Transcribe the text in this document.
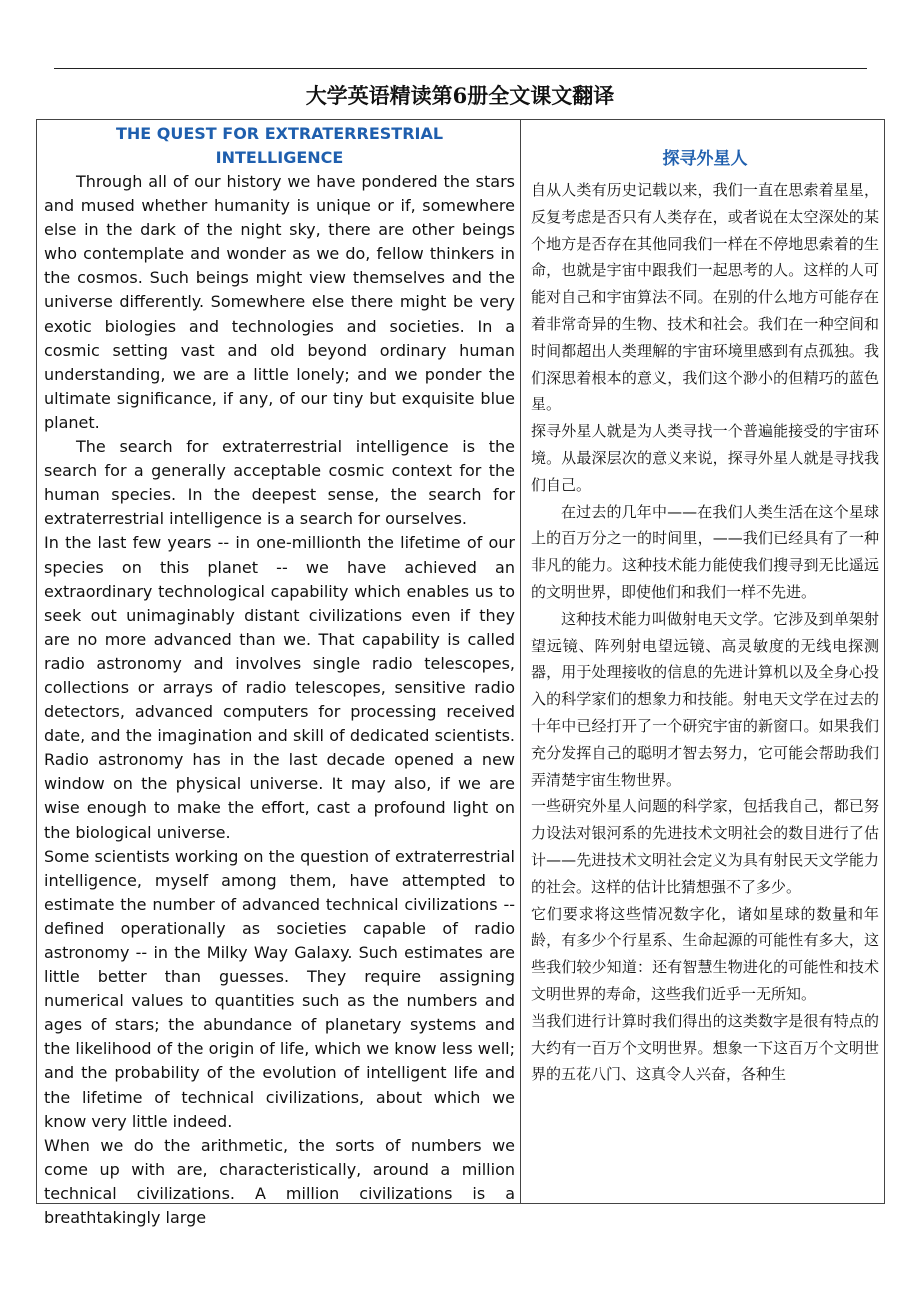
大学英语精读第6册全文课文翻译
THE QUEST FOR EXTRATERRESTRIAL INTELLIGENCE

Through all of our history we have pondered the stars and mused whether humanity is unique or if, somewhere else in the dark of the night sky, there are other beings who contemplate and wonder as we do, fellow thinkers in the cosmos. Such beings might view themselves and the universe differently. Somewhere else there might be very exotic biologies and technologies and societies. In a cosmic setting vast and old beyond ordinary human understanding, we are a little lonely; and we ponder the ultimate significance, if any, of our tiny but exquisite blue planet.

The search for extraterrestrial intelligence is the search for a generally acceptable cosmic context for the human species. In the deepest sense, the search for extraterrestrial intelligence is a search for ourselves.

In the last few years -- in one-millionth the lifetime of our species on this planet -- we have achieved an extraordinary technological capability which enables us to seek out unimaginably distant civilizations even if they are no more advanced than we. That capability is called radio astronomy and involves single radio telescopes, collections or arrays of radio telescopes, sensitive radio detectors, advanced computers for processing received date, and the imagination and skill of dedicated scientists. Radio astronomy has in the last decade opened a new window on the physical universe. It may also, if we are wise enough to make the effort, cast a profound light on the biological universe.

Some scientists working on the question of extraterrestrial intelligence, myself among them, have attempted to estimate the number of advanced technical civilizations -- defined operationally as societies capable of radio astronomy -- in the Milky Way Galaxy. Such estimates are little better than guesses. They require assigning numerical values to quantities such as the numbers and ages of stars; the abundance of planetary systems and the likelihood of the origin of life, which we know less well; and the probability of the evolution of intelligent life and the lifetime of technical civilizations, about which we know very little indeed.

When we do the arithmetic, the sorts of numbers we come up with are, characteristically, around a million technical civilizations. A million civilizations is a breathtakingly large

探寻外星人

自从人类有历史记载以来，我们一直在思索着星星，反复考虑是否只有人类存在，或者说在太空深处的某个地方是否存在其他同我们一样在不停地思索着的生命，也就是宇宙中跟我们一起思考的人。这样的人可能对自己和宇宙算法不同。在别的什么地方可能存在着非常奇异的生物、技术和社会。我们在一种空间和时间都超出人类理解的宇宙环境里感到有点孤独。我们深思着根本的意义，我们这个渺小的但精巧的蓝色星。

探寻外星人就是为人类寻找一个普遍能接受的宇宙环境。从最深层次的意义来说，探寻外星人就是寻找我们自己。

在过去的几年中——在我们人类生活在这个星球上的百万分之一的时间里，——我们已经具有了一种非凡的能力。这种技术能力能使我们搜寻到无比遥远的文明世界，即使他们和我们一样不先进。

这种技术能力叫做射电天文学。它涉及到单架射望远镜、阵列射电望远镜、高灵敏度的无线电探测器，用于处理接收的信息的先进计算机以及全身心投入的科学家们的想象力和技能。射电天文学在过去的十年中已经打开了一个研究宇宙的新窗口。如果我们充分发挥自己的聪明才智去努力，它可能会帮助我们弄清楚宇宙生物世界。

一些研究外星人问题的科学家，包括我自己，都已努力设法对银河系的先进技术文明社会的数目进行了估计——先进技术文明社会定义为具有射民天文学能力的社会。这样的估计比猜想强不了多少。

它们要求将这些情况数字化，诸如星球的数量和年龄，有多少个行星系、生命起源的可能性有多大，这些我们较少知道：还有智慧生物进化的可能性和技术文明世界的寿命，这些我们近乎一无所知。

当我们进行计算时我们得出的这类数字是很有特点的大约有一百万个文明世界。想象一下这百万个文明世界的五花八门、这真令人兴奋，各种生
